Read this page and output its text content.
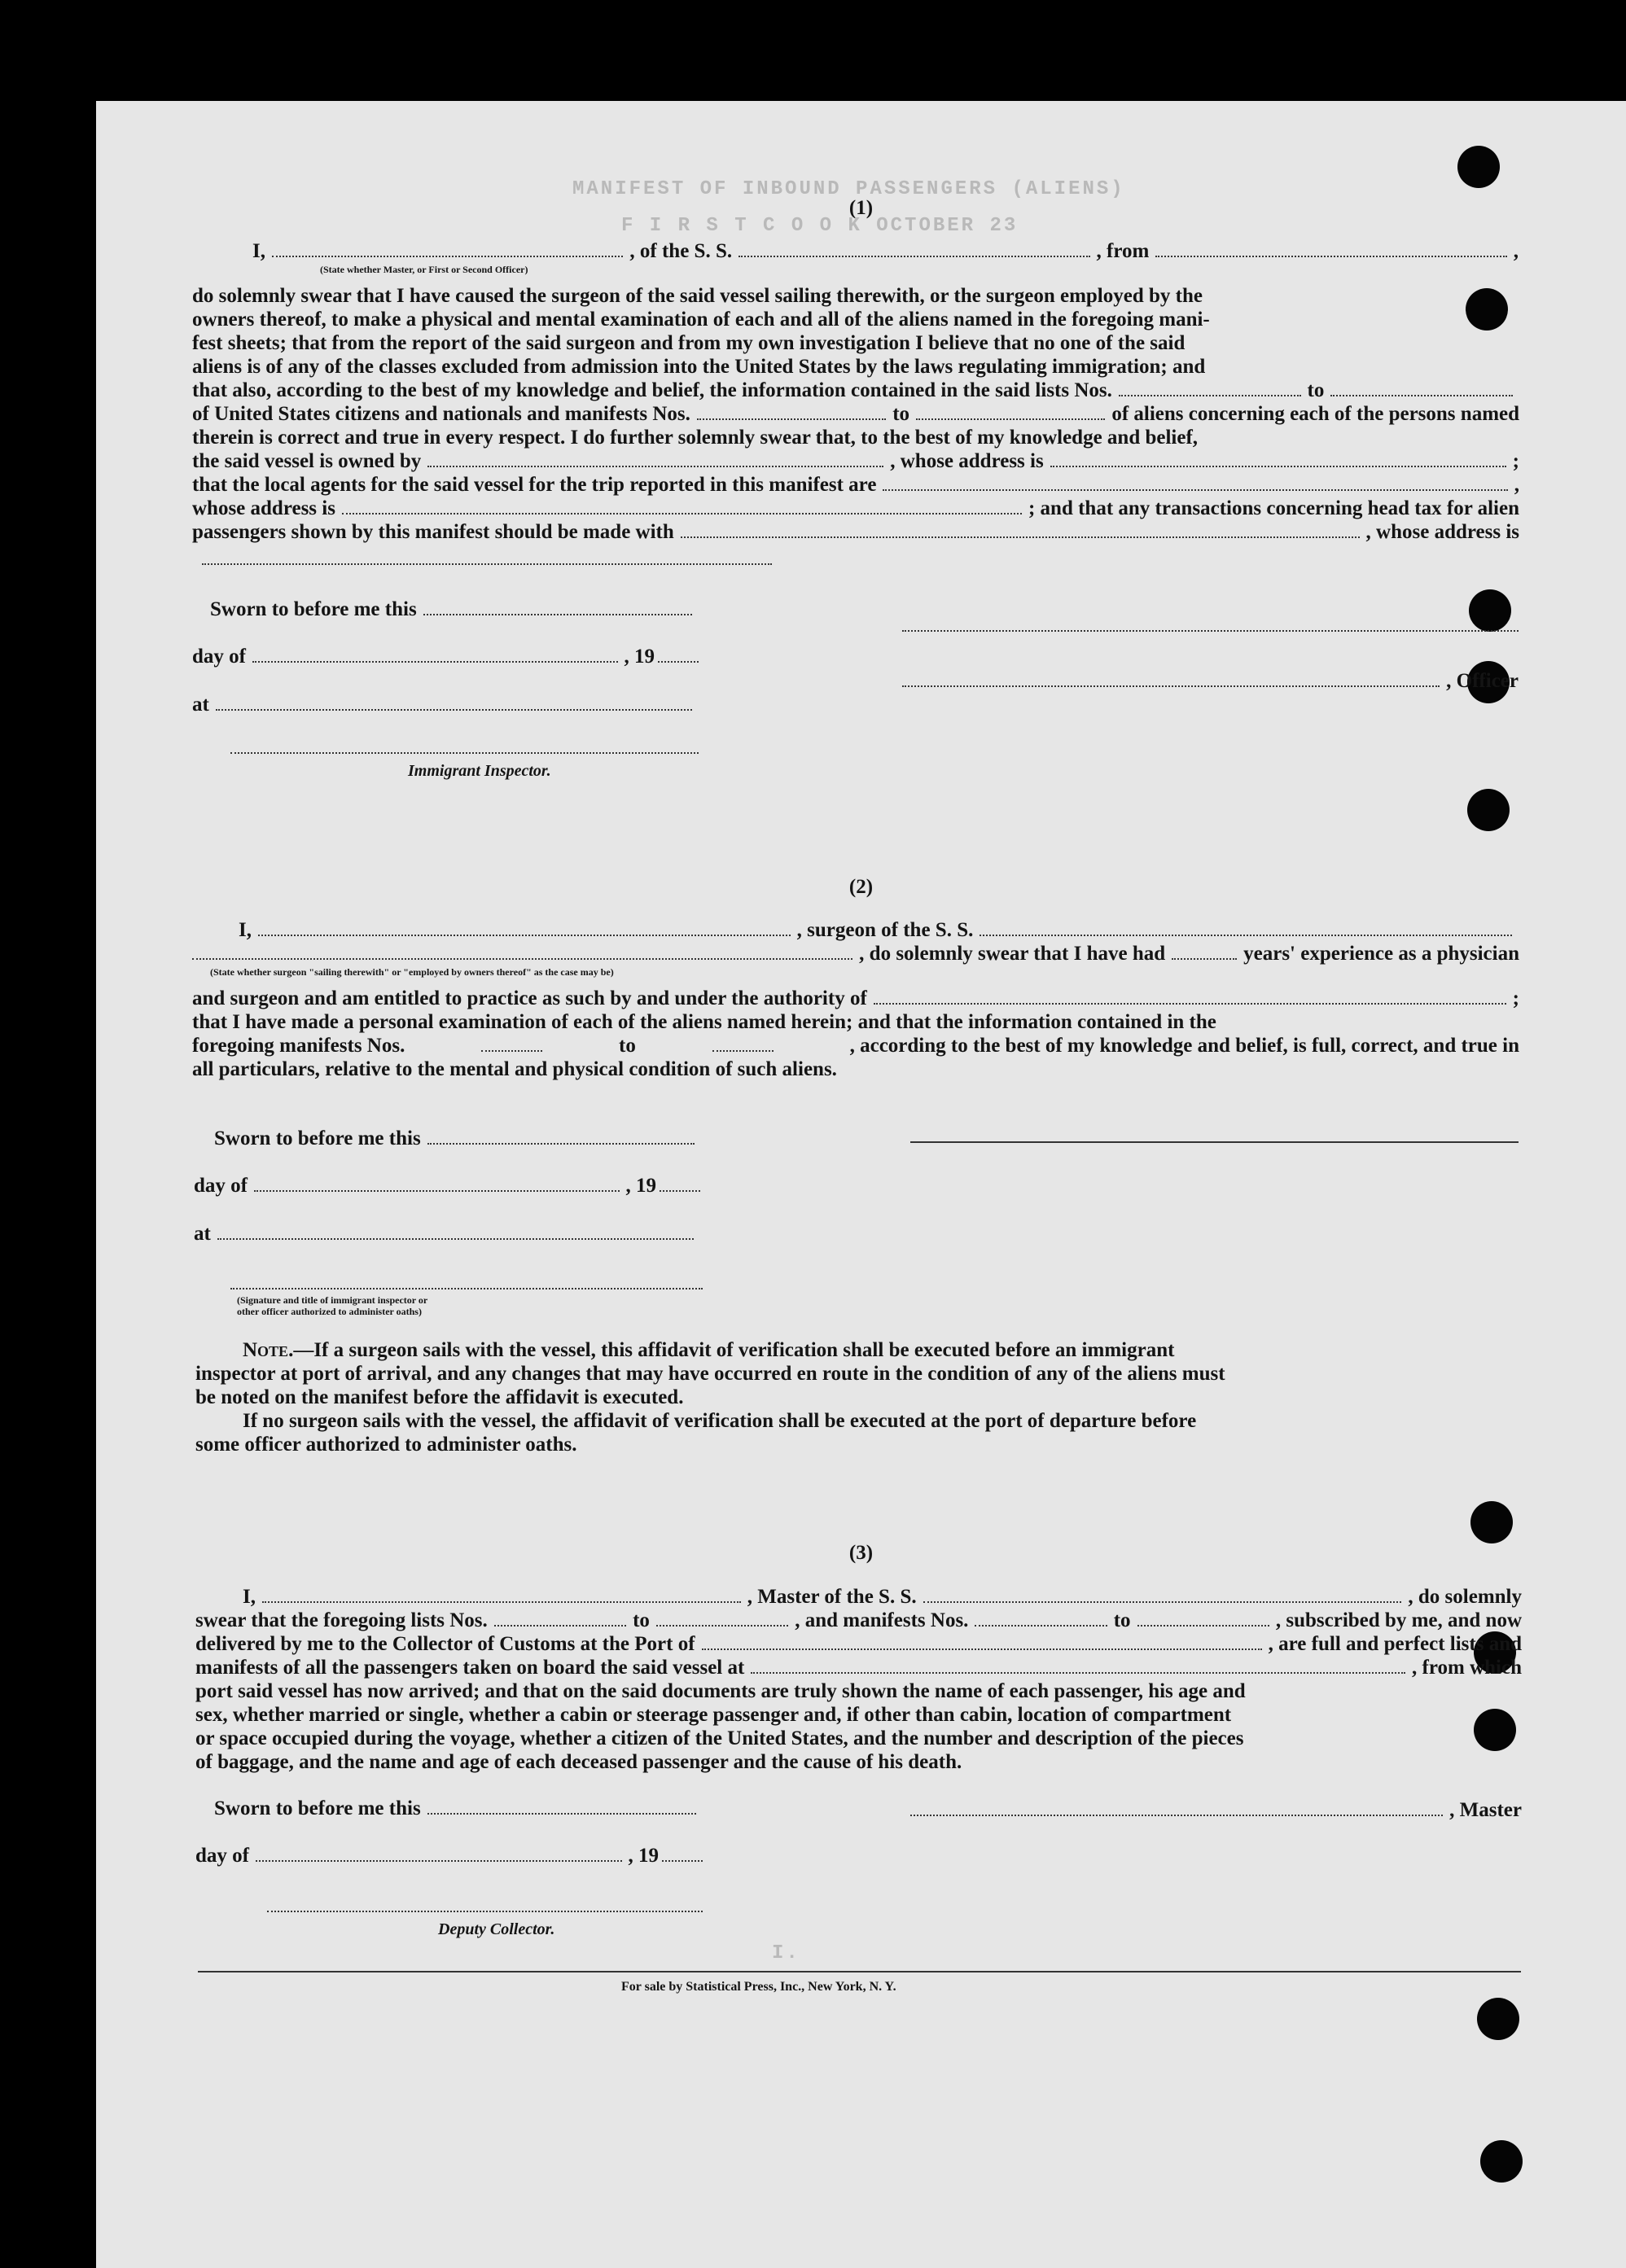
MANIFEST OF INBOUND PASSENGERS (ALIENS)
F I R S T C O O K OCTOBER 23
(1)
I,	, of the S. S.	, from	,
(State whether Master, or First or Second Officer)
do solemnly swear that I have caused the surgeon of the said vessel sailing therewith, or the surgeon employed by the
owners thereof, to make a physical and mental examination of each and all of the aliens named in the foregoing mani-
fest sheets; that from the report of the said surgeon and from my own investigation I believe that no one of the said
aliens is of any of the classes excluded from admission into the United States by the laws regulating immigration; and
that also, according to the best of my knowledge and belief, the information contained in the said lists Nos.	to
of United States citizens and nationals and manifests Nos.	to	of aliens concerning each of the persons named
therein is correct and true in every respect. I do further solemnly swear that, to the best of my knowledge and belief,
the said vessel is owned by	, whose address is	;
that the local agents for the said vessel for the trip reported in this manifest are	,
whose address is	; and that any transactions concerning head tax for alien
passengers shown by this manifest should be made with	, whose address is
Sworn to before me this
day of	, 19
at
Immigrant Inspector.
, Officer
(2)
I,	, surgeon of the S. S.
, do solemnly swear that I have had	years' experience as a physician
(State whether surgeon "sailing therewith" or "employed by owners thereof" as the case may be)
and surgeon and am entitled to practice as such by and under the authority of	;
that I have made a personal examination of each of the aliens named herein; and that the information contained in the
foregoing manifests Nos.	to	, according to the best of my knowledge and belief, is full, correct, and true in
all particulars, relative to the mental and physical condition of such aliens.
Sworn to before me this
day of	, 19
at
(Signature and title of immigrant inspector or
other officer authorized to administer oaths)
Note.—If a surgeon sails with the vessel, this affidavit of verification shall be executed before an immigrant
inspector at port of arrival, and any changes that may have occurred en route in the condition of any of the aliens must
be noted on the manifest before the affidavit is executed.
If no surgeon sails with the vessel, the affidavit of verification shall be executed at the port of departure before
some officer authorized to administer oaths.
(3)
I,	, Master of the S. S.	, do solemnly
swear that the foregoing lists Nos.	to	, and manifests Nos.	to	, subscribed by me, and now
delivered by me to the Collector of Customs at the Port of	, are full and perfect lists and
manifests of all the passengers taken on board the said vessel at	, from which
port said vessel has now arrived; and that on the said documents are truly shown the name of each passenger, his age and
sex, whether married or single, whether a cabin or steerage passenger and, if other than cabin, location of compartment
or space occupied during the voyage, whether a citizen of the United States, and the number and description of the pieces
of baggage, and the name and age of each deceased passenger and the cause of his death.
Sworn to before me this	, Master
day of	, 19
Deputy Collector.
I.
For sale by Statistical Press, Inc., New York, N. Y.
